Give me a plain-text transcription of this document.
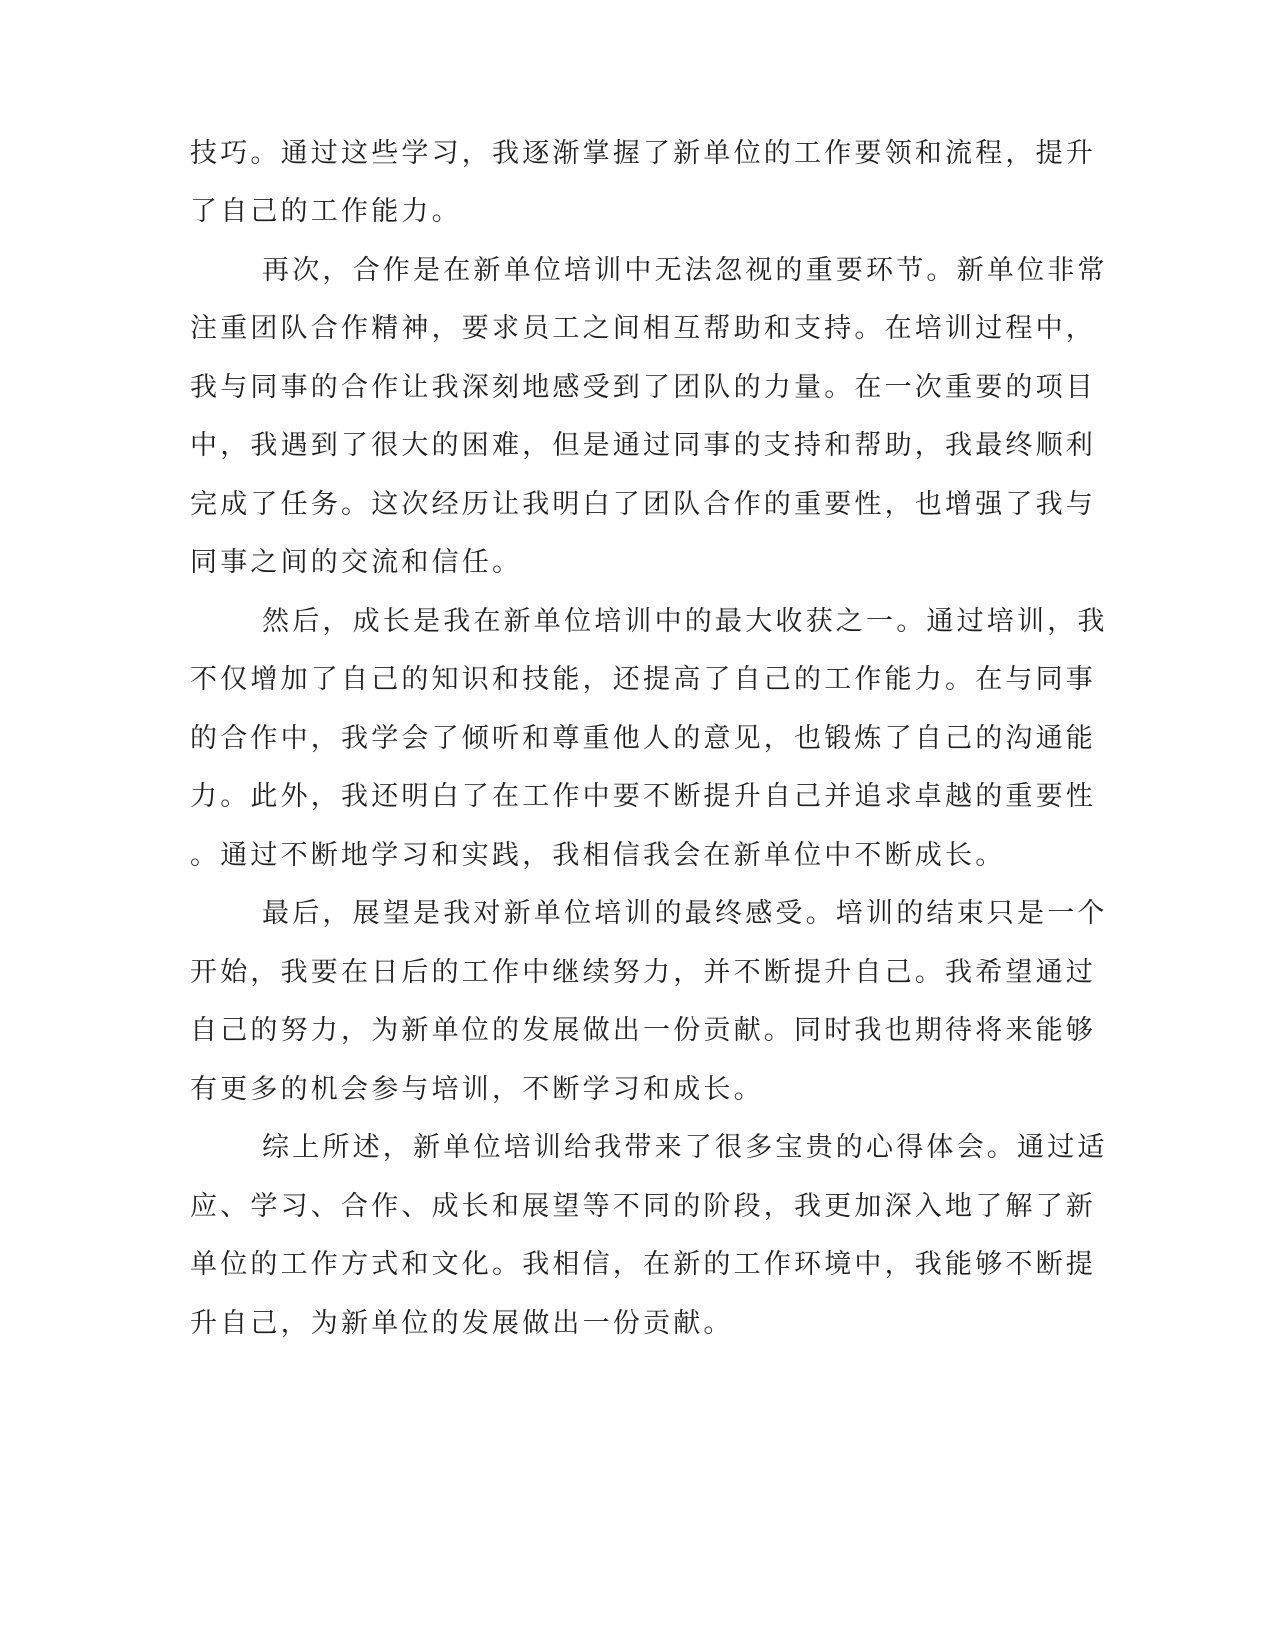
技巧。通过这些学习，我逐渐掌握了新单位的工作要领和流程，提升
了自己的工作能力。
再次，合作是在新单位培训中无法忽视的重要环节。新单位非常
注重团队合作精神，要求员工之间相互帮助和支持。在培训过程中，
我与同事的合作让我深刻地感受到了团队的力量。在一次重要的项目
中，我遇到了很大的困难，但是通过同事的支持和帮助，我最终顺利
完成了任务。这次经历让我明白了团队合作的重要性，也增强了我与
同事之间的交流和信任。
然后，成长是我在新单位培训中的最大收获之一。通过培训，我
不仅增加了自己的知识和技能，还提高了自己的工作能力。在与同事
的合作中，我学会了倾听和尊重他人的意见，也锻炼了自己的沟通能
力。此外，我还明白了在工作中要不断提升自己并追求卓越的重要性
。通过不断地学习和实践，我相信我会在新单位中不断成长。
最后，展望是我对新单位培训的最终感受。培训的结束只是一个
开始，我要在日后的工作中继续努力，并不断提升自己。我希望通过
自己的努力，为新单位的发展做出一份贡献。同时我也期待将来能够
有更多的机会参与培训，不断学习和成长。
综上所述，新单位培训给我带来了很多宝贵的心得体会。通过适
应、学习、合作、成长和展望等不同的阶段，我更加深入地了解了新
单位的工作方式和文化。我相信，在新的工作环境中，我能够不断提
升自己，为新单位的发展做出一份贡献。
